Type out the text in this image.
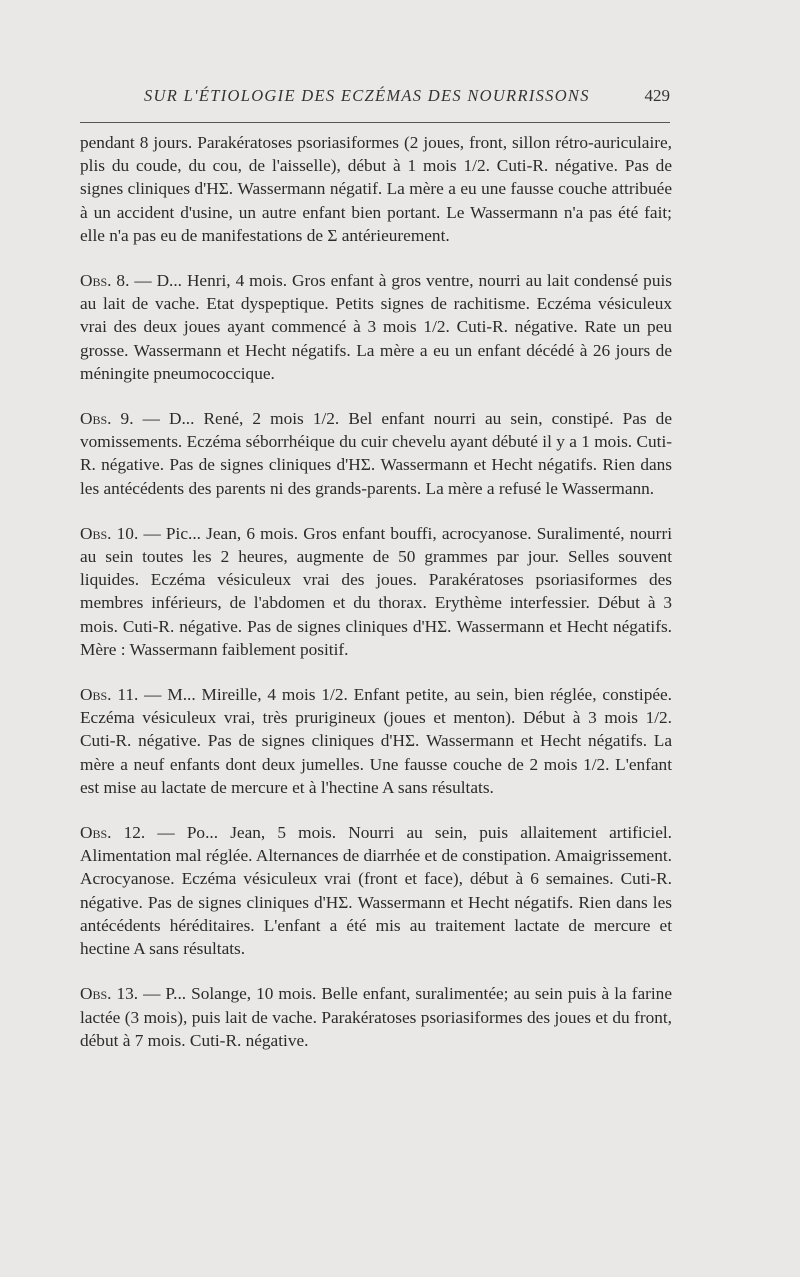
SUR L'ÉTIOLOGIE DES ECZÉMAS DES NOURRISSONS	429

pendant 8 jours. Parakératoses psoriasiformes (2 joues, front, sillon rétro-auriculaire, plis du coude, du cou, de l'aisselle), début à 1 mois 1/2. Cuti-R. négative. Pas de signes cliniques d'HΣ. Wassermann négatif. La mère a eu une fausse couche attribuée à un accident d'usine, un autre enfant bien portant. Le Wassermann n'a pas été fait; elle n'a pas eu de manifestations de Σ antérieurement.

Obs. 8. — D... Henri, 4 mois. Gros enfant à gros ventre, nourri au lait condensé puis au lait de vache. Etat dyspeptique. Petits signes de rachitisme. Eczéma vésiculeux vrai des deux joues ayant commencé à 3 mois 1/2. Cuti-R. négative. Rate un peu grosse. Wassermann et Hecht négatifs. La mère a eu un enfant décédé à 26 jours de méningite pneumococcique.

Obs. 9. — D... René, 2 mois 1/2. Bel enfant nourri au sein, constipé. Pas de vomissements. Eczéma séborrhéique du cuir chevelu ayant débuté il y a 1 mois. Cuti-R. négative. Pas de signes cliniques d'HΣ. Wassermann et Hecht négatifs. Rien dans les antécédents des parents ni des grands-parents. La mère a refusé le Wassermann.

Obs. 10. — Pic... Jean, 6 mois. Gros enfant bouffi, acrocyanose. Suralimenté, nourri au sein toutes les 2 heures, augmente de 50 grammes par jour. Selles souvent liquides. Eczéma vésiculeux vrai des joues. Parakératoses psoriasiformes des membres inférieurs, de l'abdomen et du thorax. Erythème interfessier. Début à 3 mois. Cuti-R. négative. Pas de signes cliniques d'HΣ. Wassermann et Hecht négatifs. Mère : Wassermann faiblement positif.

Obs. 11. — M... Mireille, 4 mois 1/2. Enfant petite, au sein, bien réglée, constipée. Eczéma vésiculeux vrai, très prurigineux (joues et menton). Début à 3 mois 1/2. Cuti-R. négative. Pas de signes cliniques d'HΣ. Wassermann et Hecht négatifs. La mère a neuf enfants dont deux jumelles. Une fausse couche de 2 mois 1/2. L'enfant est mise au lactate de mercure et à l'hectine A sans résultats.

Obs. 12. — Po... Jean, 5 mois. Nourri au sein, puis allaitement artificiel. Alimentation mal réglée. Alternances de diarrhée et de constipation. Amaigrissement. Acrocyanose. Eczéma vésiculeux vrai (front et face), début à 6 semaines. Cuti-R. négative. Pas de signes cliniques d'HΣ. Wassermann et Hecht négatifs. Rien dans les antécédents héréditaires. L'enfant a été mis au traitement lactate de mercure et hectine A sans résultats.

Obs. 13. — P... Solange, 10 mois. Belle enfant, suralimentée; au sein puis à la farine lactée (3 mois), puis lait de vache. Parakératoses psoriasiformes des joues et du front, début à 7 mois. Cuti-R. négative.
